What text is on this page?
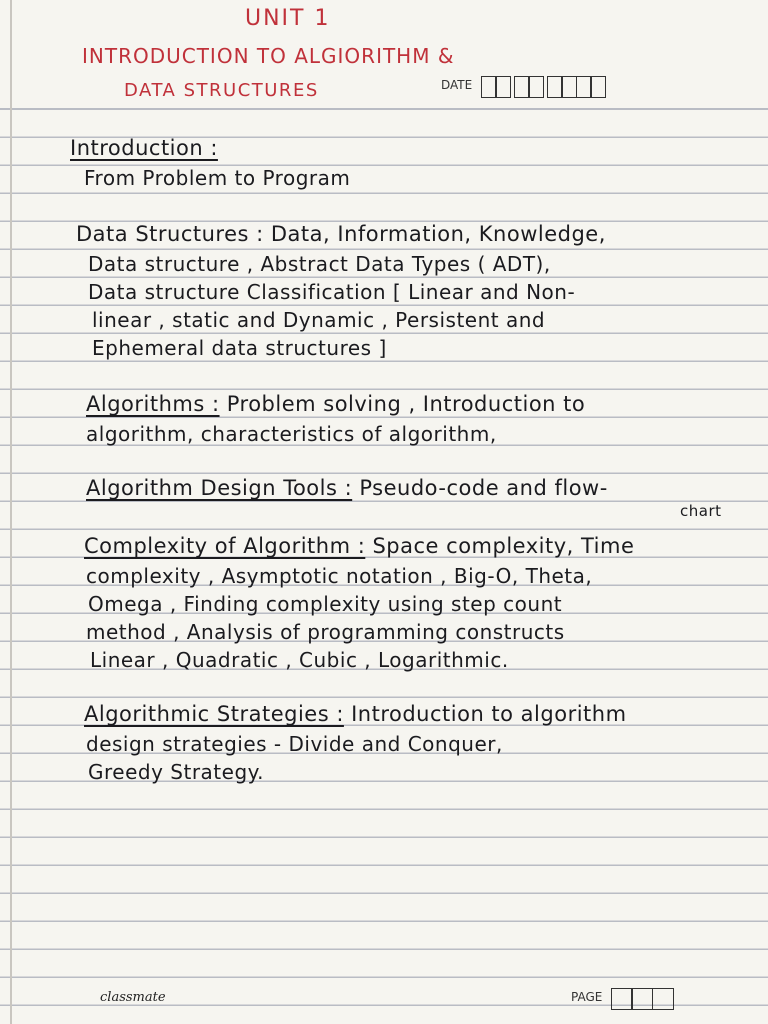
UNIT 1
INTRODUCTION TO ALGIORITHM &
DATA STRUCTURES	DATE
Introduction :
From Problem to Program
Data Structures : Data, Information, Knowledge,
Data structure , Abstract Data Types ( ADT),
Data structure Classification [ Linear and Non-
linear , static and Dynamic , Persistent and
Ephemeral data structures ]
Algorithms : Problem solving , Introduction to
algorithm, characteristics of algorithm,
Algorithm Design Tools : Pseudo-code and flow-
chart
Complexity of Algorithm : Space complexity, Time
complexity , Asymptotic notation , Big-O, Theta,
Omega , Finding complexity using step count
method , Analysis of programming constructs
Linear , Quadratic , Cubic , Logarithmic.
Algorithmic Strategies : Introduction to algorithm
design strategies - Divide and Conquer,
Greedy Strategy.
classmate	PAGE
